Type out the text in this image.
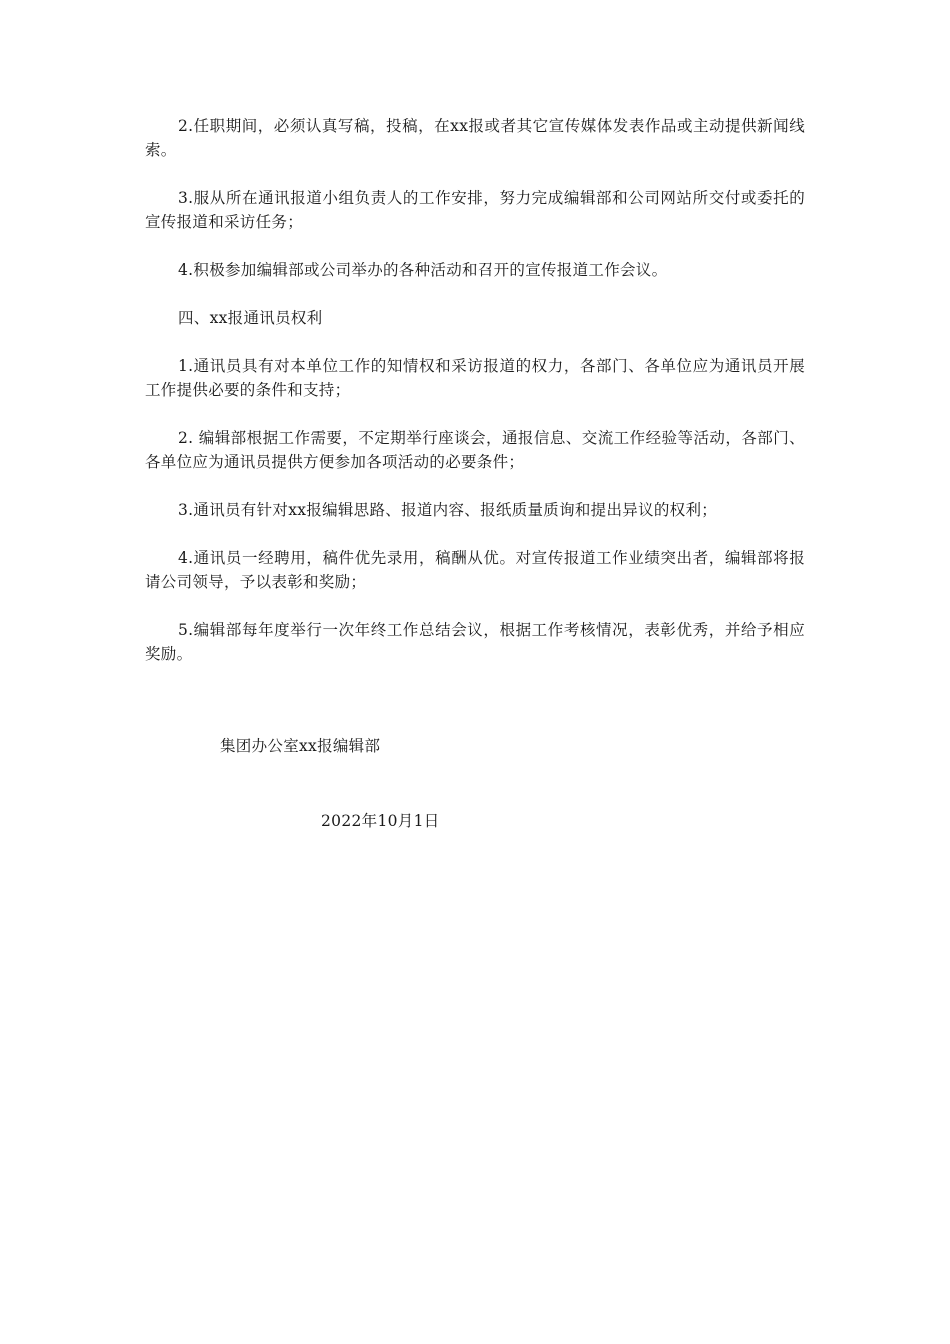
2.任职期间，必须认真写稿，投稿，在xx报或者其它宣传媒体发表作品或主动提供新闻线索。

3.服从所在通讯报道小组负责人的工作安排，努力完成编辑部和公司网站所交付或委托的宣传报道和采访任务；

4.积极参加编辑部或公司举办的各种活动和召开的宣传报道工作会议。

四、xx报通讯员权利

1.通讯员具有对本单位工作的知情权和采访报道的权力，各部门、各单位应为通讯员开展工作提供必要的条件和支持；

2. 编辑部根据工作需要，不定期举行座谈会，通报信息、交流工作经验等活动，各部门、各单位应为通讯员提供方便参加各项活动的必要条件；

3.通讯员有针对xx报编辑思路、报道内容、报纸质量质询和提出异议的权利；

4.通讯员一经聘用，稿件优先录用，稿酬从优。对宣传报道工作业绩突出者，编辑部将报请公司领导，予以表彰和奖励；

5.编辑部每年度举行一次年终工作总结会议，根据工作考核情况，表彰优秀，并给予相应奖励。

集团办公室xx报编辑部
2022年10月1日
